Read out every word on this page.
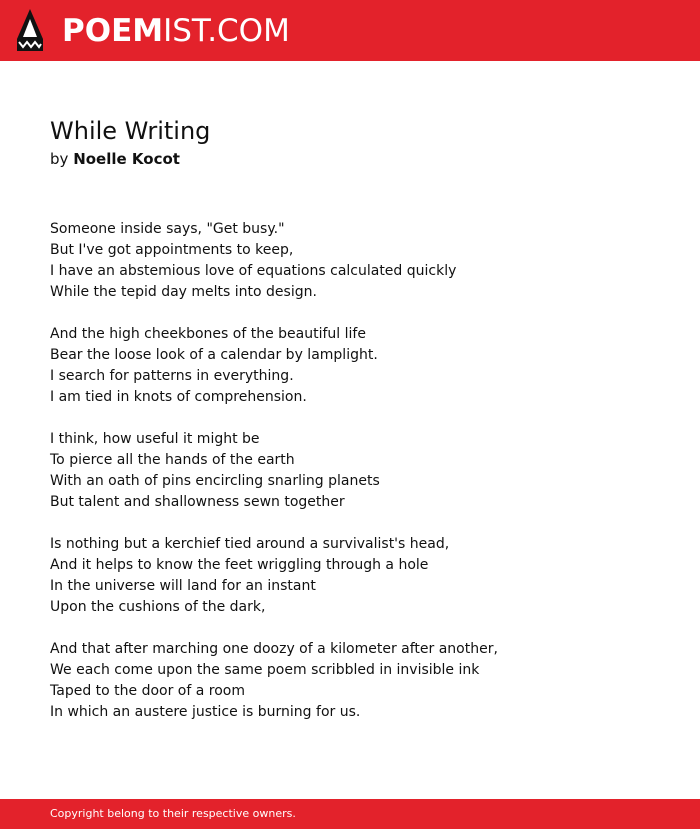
POEMIST.COM
While Writing
by Noelle Kocot
Someone inside says, "Get busy."
But I've got appointments to keep,
I have an abstemious love of equations calculated quickly
While the tepid day melts into design.
And the high cheekbones of the beautiful life
Bear the loose look of a calendar by lamplight.
I search for patterns in everything.
I am tied in knots of comprehension.
I think, how useful it might be
To pierce all the hands of the earth
With an oath of pins encircling snarling planets
But talent and shallowness sewn together
Is nothing but a kerchief tied around a survivalist's head,
And it helps to know the feet wriggling through a hole
In the universe will land for an instant
Upon the cushions of the dark,
And that after marching one doozy of a kilometer after another,
We each come upon the same poem scribbled in invisible ink
Taped to the door of a room
In which an austere justice is burning for us.
Copyright belong to their respective owners.
